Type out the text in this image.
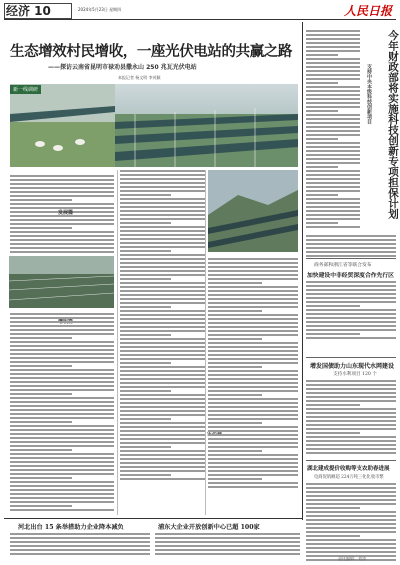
经济 10	2024年5月23日 星期四	人民日报
生态增效村民增收，一座光伏电站的共赢之路
——探访云南省昆明市禄劝县撒永山 250 兆瓦光伏电站
本报记者 杨文明 李茂颖
新一线调研
发展篇	今年财政部将实施科技创新专项担保计划
支持中央本级科技创新项目
商务部和浙江省等联合发布
加快建设中非经贸深度合作先行区
增发国债助力山东现代水网建设
支持水利项目 120 个
湖北建成提价收购等支农助春进展
电商促销额超 224万吨三化化收市繁
河北出台 15 条举措助力企业降本减负	浦东大企业开放创新中心已超 100家
责任编辑：刘涛
